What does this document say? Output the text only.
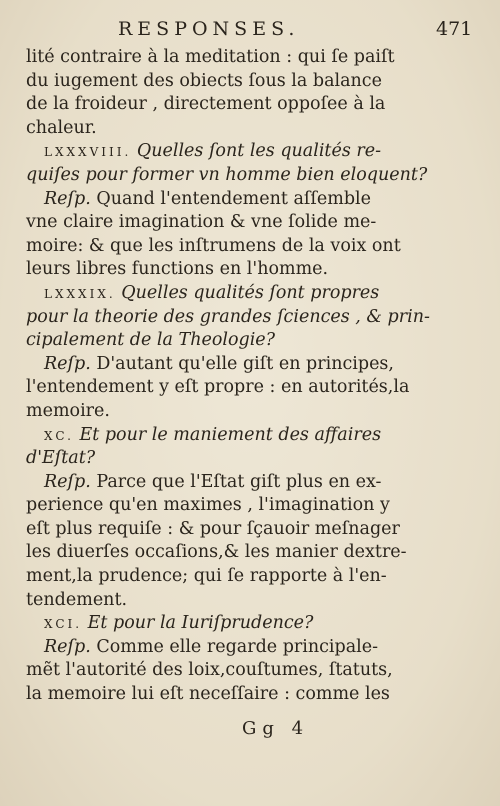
RESPONSES.	471
lité contraire à la meditation : qui ſe paiſt
du iugement des obiects ſous la balance
de la froideur , directement oppoſee à la
chaleur.
LXXXVIII. Quelles ſont les qualités re-
quiſes pour former vn homme bien eloquent?
Reſp. Quand l'entendement aſſemble
vne claire imagination & vne ſolide me-
moire: & que les inſtrumens de la voix ont
leurs libres functions en l'homme.
LXXXIX. Quelles qualités ſont propres
pour la theorie des grandes ſciences , & prin-
cipalement de la Theologie?
Reſp. D'autant qu'elle giſt en principes,
l'entendement y eſt propre : en autorités,la
memoire.
XC. Et pour le maniement des affaires
d'Eſtat?
Reſp. Parce que l'Eſtat giſt plus en ex-
perience qu'en maximes , l'imagination y
eſt plus requiſe : & pour ſçauoir meſnager
les diuerſes occaſions,& les manier dextre-
ment,la prudence; qui ſe rapporte à l'en-
tendement.
XCI. Et pour la Iuriſprudence?
Reſp. Comme elle regarde principale-
mẽt l'autorité des loix,couſtumes, ſtatuts,
la memoire lui eſt neceſſaire : comme les
Gg 4
